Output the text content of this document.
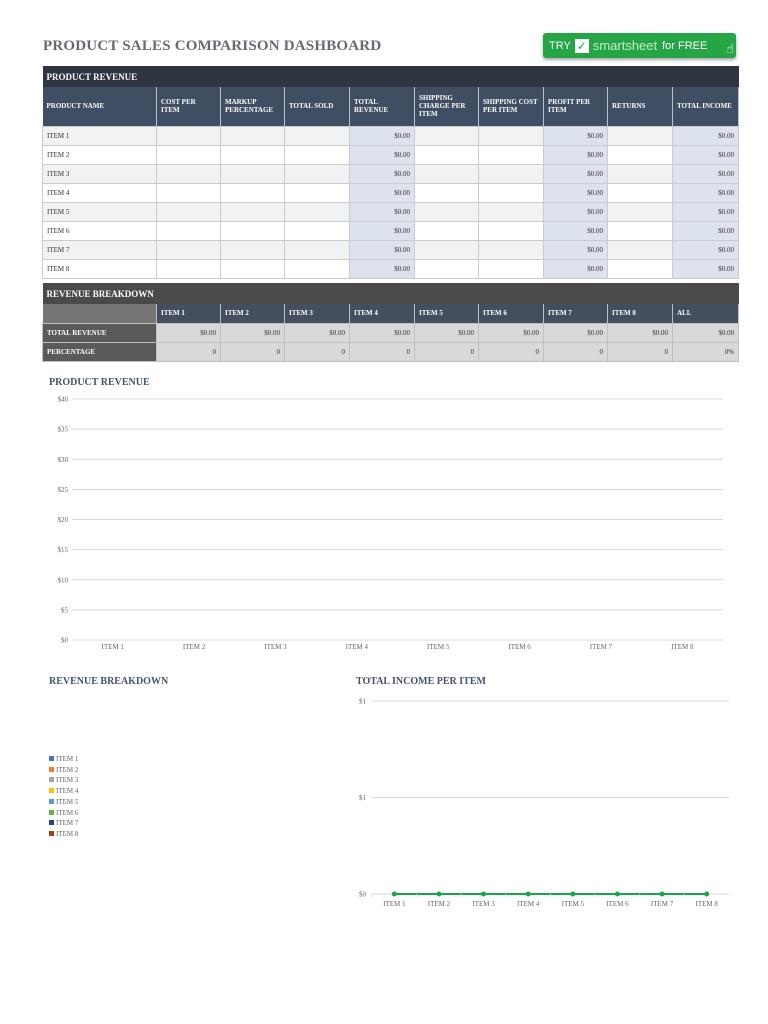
PRODUCT SALES COMPARISON DASHBOARD	TRY ✓ smartsheet for FREE ☝
PRODUCT REVENUE									
PRODUCT NAME	COST PER ITEM	MARKUP PERCENTAGE	TOTAL SOLD	TOTAL REVENUE	SHIPPING CHARGE PER ITEM	SHIPPING COST PER ITEM	PROFIT PER ITEM	RETURNS	TOTAL INCOME
ITEM 1				$0.00			$0.00		$0.00
ITEM 2				$0.00			$0.00		$0.00
ITEM 3				$0.00			$0.00		$0.00
ITEM 4				$0.00			$0.00		$0.00
ITEM 5				$0.00			$0.00		$0.00
ITEM 6				$0.00			$0.00		$0.00
ITEM 7				$0.00			$0.00		$0.00
ITEM 8				$0.00			$0.00		$0.00
REVENUE BREAKDOWN									
	ITEM 1	ITEM 2	ITEM 3	ITEM 4	ITEM 5	ITEM 6	ITEM 7	ITEM 8	ALL
TOTAL REVENUE	$0.00	$0.00	$0.00	$0.00	$0.00	$0.00	$0.00	$0.00	$0.00
PERCENTAGE	0	0	0	0	0	0	0	0	0%
PRODUCT REVENUE
REVENUE BREAKDOWN	TOTAL INCOME PER ITEM
$0
$5
$10
$15
$20
$25
$30
$35
$40
ITEM 1	ITEM 2	ITEM 3	ITEM 4	ITEM 5	ITEM 6	ITEM 7	ITEM 8
ITEM 1
ITEM 2
ITEM 3
ITEM 4
ITEM 5
ITEM 6
ITEM 7
ITEM 8
$0
$1
$1
ITEM 1	ITEM 2	ITEM 3	ITEM 4	ITEM 5	ITEM 6	ITEM 7	ITEM 8
